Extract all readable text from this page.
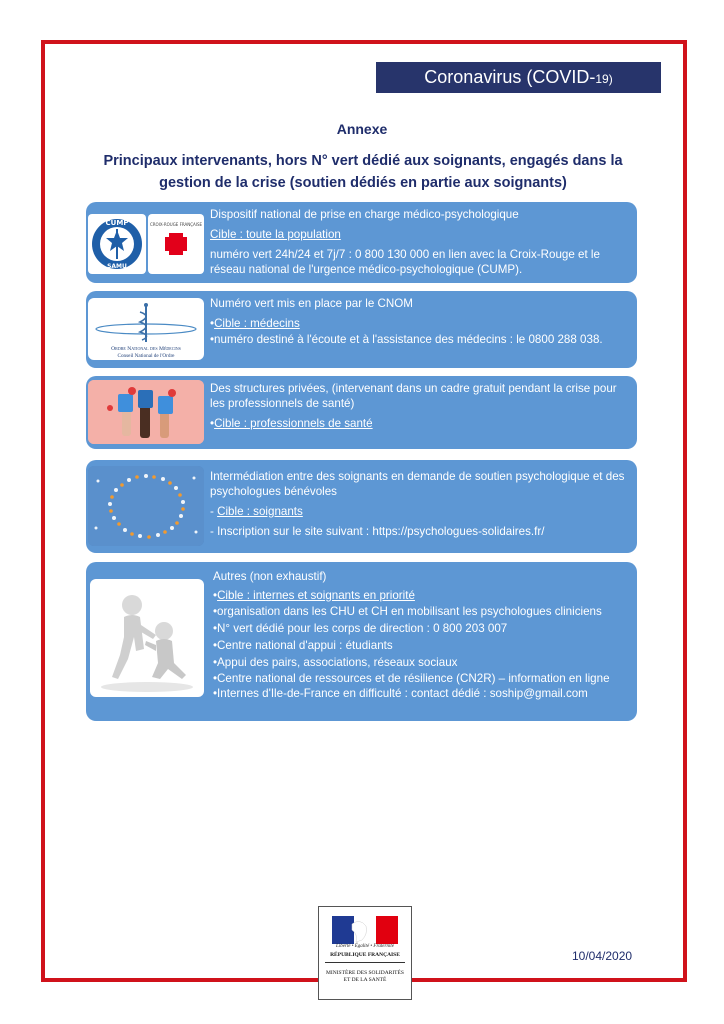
Coronavirus (COVID-19)
Annexe
Principaux intervenants, hors N° vert dédié aux soignants, engagés dans la
gestion de la crise (soutien dédiés en partie aux soignants)
CUMP
SAMU
CROIX-ROUGE FRANÇAISE
Dispositif national de prise en charge médico-psychologique
Cible : toute la population
numéro vert 24h/24 et 7j/7 : 0 800 130 000 en lien avec la Croix-Rouge et le réseau national de l'urgence médico-psychologique (CUMP).
Ordre National des Médecins
Conseil National de l'Ordre
Numéro vert mis en place par le CNOM
•Cible : médecins
•numéro destiné à l'écoute et à l'assistance des médecins : le 0800 288 038.
Des structures privées, (intervenant dans un cadre gratuit pendant la crise pour les professionnels de santé)
•Cible : professionnels de santé
Intermédiation entre des soignants en demande de soutien psychologique et des psychologues bénévoles
- Cible : soignants
- Inscription sur le site suivant : https://psychologues-solidaires.fr/
Autres (non exhaustif)
•Cible : internes et soignants en priorité
•organisation dans les CHU et CH en mobilisant les psychologues cliniciens
•N° vert dédié pour les corps de direction : 0 800 203 007
•Centre national d'appui : étudiants
•Appui des pairs, associations, réseaux sociaux
•Centre national de ressources et de résilience (CN2R) – information en ligne
•Internes d'Ile-de-France en difficulté : contact dédié : soship@gmail.com
Liberté • Égalité • Fraternité
RÉPUBLIQUE FRANÇAISE
MINISTÈRE DES SOLIDARITÉS ET DE LA SANTÉ
10/04/2020
